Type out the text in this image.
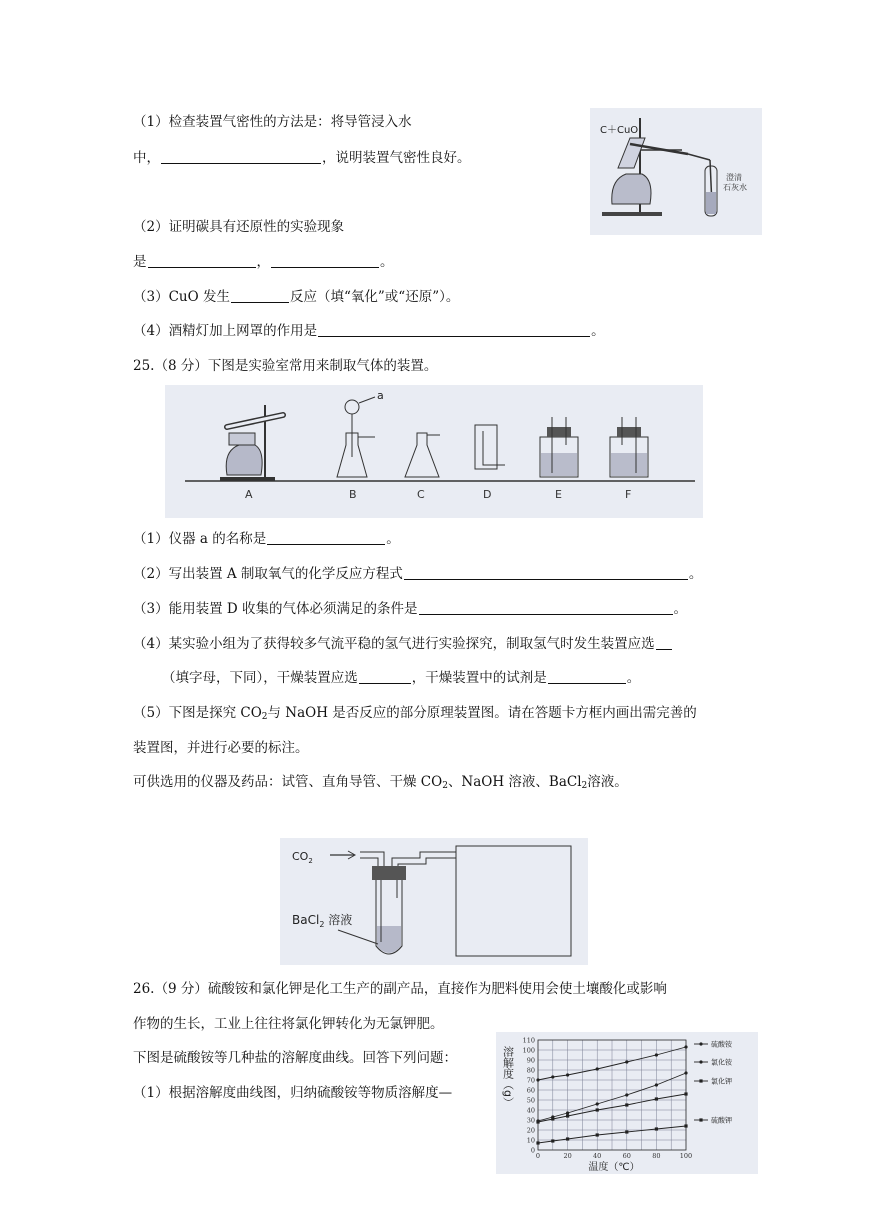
（1）检查装置气密性的方法是：将导管浸入水
中，	，说明装置气密性良好。
C＋CuO
澄清
石灰水
（2）证明碳具有还原性的实验现象
是	，	。
（3）CuO 发生	反应（填“氧化”或“还原”）。
（4）酒精灯加上网罩的作用是	。
25.（8 分）下图是实验室常用来制取气体的装置。
a
A	B	C	D	E	F
（1）仪器 a 的名称是	。
（2）写出装置 A 制取氧气的化学反应方程式	。
（3）能用装置 D 收集的气体必须满足的条件是	。
（4）某实验小组为了获得较多气流平稳的氢气进行实验探究，制取氢气时发生装置应选
（填字母，下同），干燥装置应选	，干燥装置中的试剂是	。
（5）下图是探究 $CO_2$与 NaOH 是否反应的部分原理装置图。请在答题卡方框内画出需完善的
装置图，并进行必要的标注。
可供选用的仪器及药品：试管、直角导管、干燥 $CO_2$、NaOH 溶液、BaCl$_2$溶液。
$CO_2$
BaCl$_2$ 溶液
26.（9 分）硫酸铵和氯化钾是化工生产的副产品，直接作为肥料使用会使土壤酸化或影响
作物的生长，工业上往往将氯化钾转化为无氯钾肥。
下图是硫酸铵等几种盐的溶解度曲线。回答下列问题：
（1）根据溶解度曲线图，归纳硫酸铵等物质溶解度—	溶解度（g）
温度（℃）
0
10
20
30
40
50
60
70
80
90
100
110
0	20	40	60	80	100
硫酸铵
氯化铵
氯化钾
硫酸钾
